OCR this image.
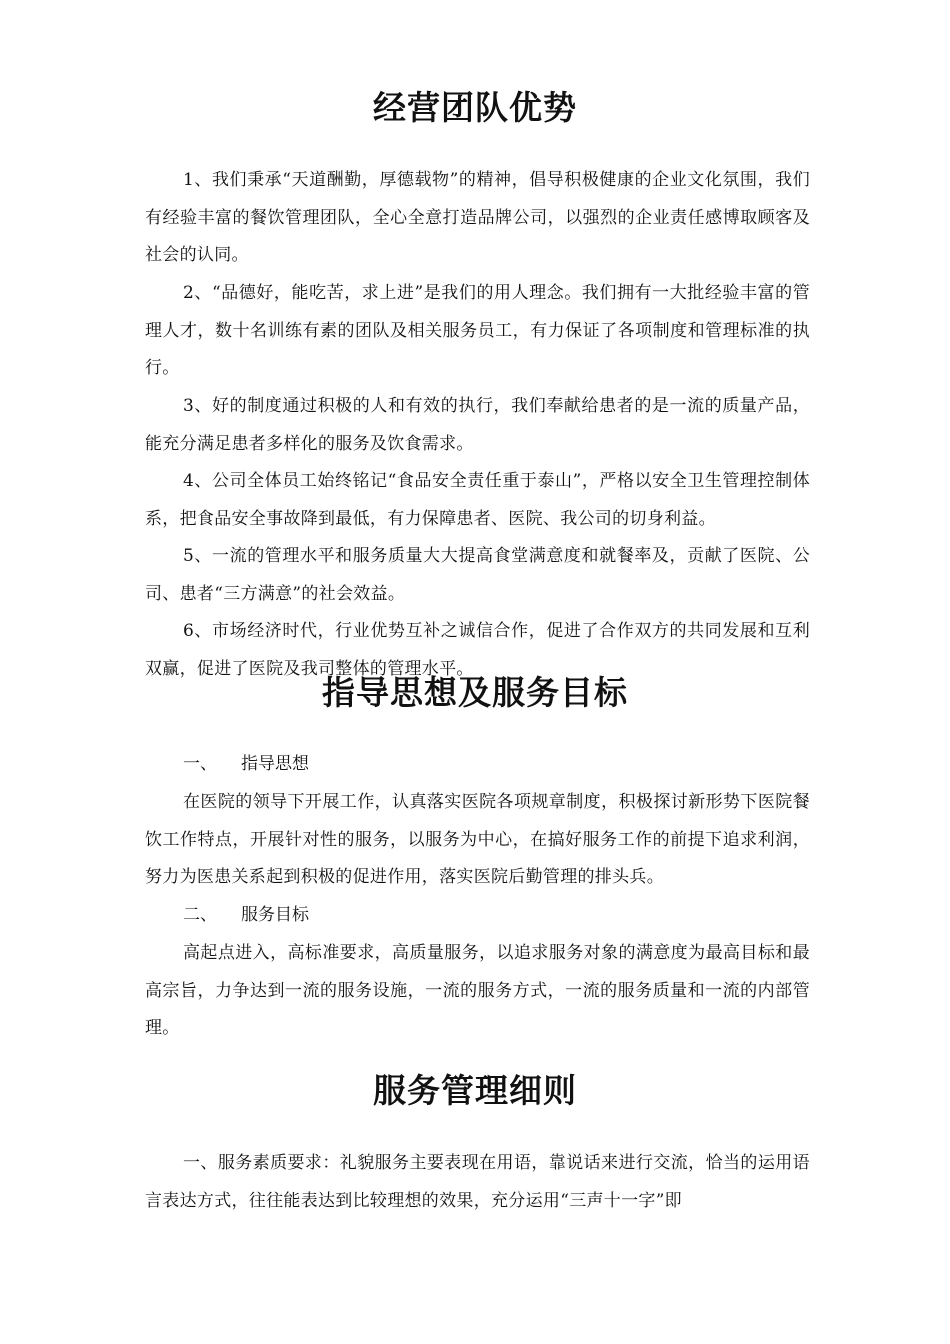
经营团队优势

1、我们秉承“天道酬勤，厚德载物”的精神，倡导积极健康的企业文化氛围，我们有经验丰富的餐饮管理团队，全心全意打造品牌公司，以强烈的企业责任感博取顾客及社会的认同。

2、“品德好，能吃苦，求上进”是我们的用人理念。我们拥有一大批经验丰富的管理人才，数十名训练有素的团队及相关服务员工，有力保证了各项制度和管理标准的执行。

3、好的制度通过积极的人和有效的执行，我们奉献给患者的是一流的质量产品，能充分满足患者多样化的服务及饮食需求。

4、公司全体员工始终铭记“食品安全责任重于泰山”，严格以安全卫生管理控制体系，把食品安全事故降到最低，有力保障患者、医院、我公司的切身利益。

5、一流的管理水平和服务质量大大提高食堂满意度和就餐率及，贡献了医院、公司、患者“三方满意”的社会效益。

6、市场经济时代，行业优势互补之诚信合作，促进了合作双方的共同发展和互利双赢，促进了医院及我司整体的管理水平。

指导思想及服务目标

一、 指导思想

在医院的领导下开展工作，认真落实医院各项规章制度，积极探讨新形势下医院餐饮工作特点，开展针对性的服务，以服务为中心，在搞好服务工作的前提下追求利润，努力为医患关系起到积极的促进作用，落实医院后勤管理的排头兵。

二、 服务目标

高起点进入，高标准要求，高质量服务，以追求服务对象的满意度为最高目标和最高宗旨，力争达到一流的服务设施，一流的服务方式，一流的服务质量和一流的内部管理。

服务管理细则

一、服务素质要求：礼貌服务主要表现在用语，靠说话来进行交流，恰当的运用语言表达方式，往往能表达到比较理想的效果，充分运用“三声十一字”即
